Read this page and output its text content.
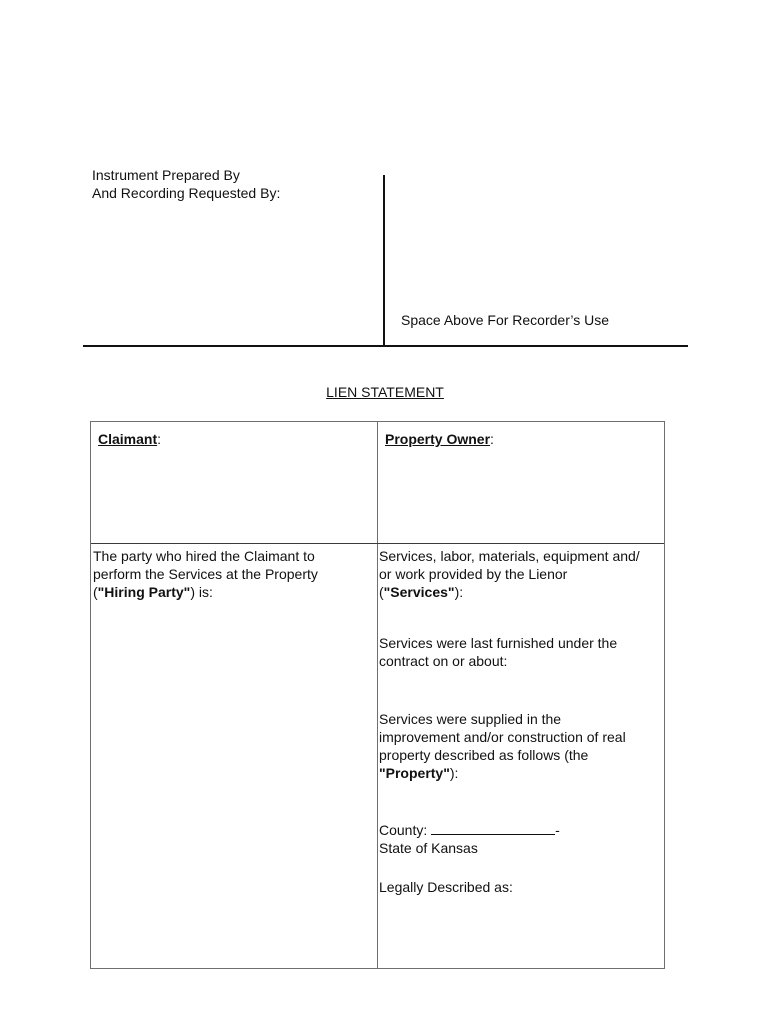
Instrument Prepared By
And Recording Requested By:
Space Above For Recorder’s Use
LIEN STATEMENT
Claimant:	Property Owner:

The party who hired the Claimant to

perform the Services at the Property

("Hiring Party") is:

Services, labor, materials, equipment and/

or work provided by the Lienor

("Services"):

Services were last furnished under the

contract on or about:

Services were supplied in the

improvement and/or construction of real

property described as follows (the

"Property"):

County:	-

State of Kansas

Legally Described as:
